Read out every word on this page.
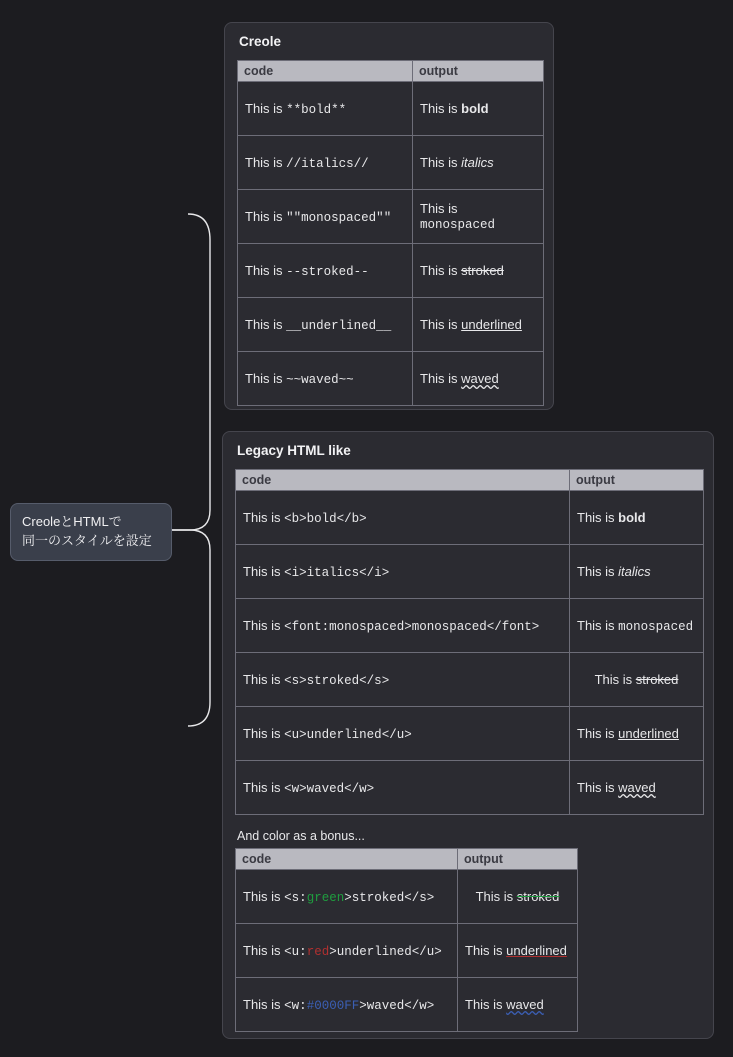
CreoleとHTMLで
同一のスタイルを設定
Creole
code	output
This is **bold**	This is bold
This is //italics//	This is italics
This is ""monospaced""	This is monospaced
This is --stroked--	This is stroked
This is __underlined__	This is underlined
This is ~~waved~~	This is waved
Legacy HTML like
code	output
This is <b>bold</b>	This is bold
This is <i>italics</i>	This is italics
This is <font:monospaced>monospaced</font>	This is monospaced
This is <s>stroked</s>	This is stroked
This is <u>underlined</u>	This is underlined
This is <w>waved</w>	This is waved
And color as a bonus...
code	output
This is <s:green>stroked</s>	This is stroked
This is <u:red>underlined</u>	This is underlined
This is <w:#0000FF>waved</w>	This is waved
